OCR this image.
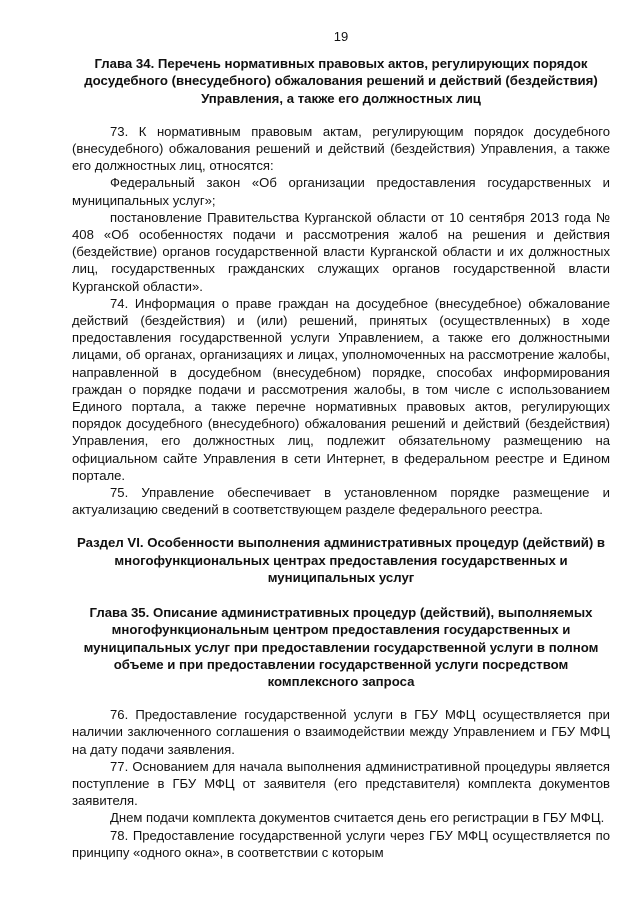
19
Глава 34. Перечень нормативных правовых актов, регулирующих порядок досудебного (внесудебного) обжалования решений и действий (бездействия) Управления, а также его должностных лиц

73. К нормативным правовым актам, регулирующим порядок досудебного (внесудебного) обжалования решений и действий (бездействия) Управления, а также его должностных лиц, относятся:

Федеральный закон «Об организации предоставления государственных и муниципальных услуг»;

постановление Правительства Курганской области от 10 сентября 2013 года № 408 «Об особенностях подачи и рассмотрения жалоб на решения и действия (бездействие) органов государственной власти Курганской области и их должностных лиц, государственных гражданских служащих органов государственной власти Курганской области».

74. Информация о праве граждан на досудебное (внесудебное) обжалование действий (бездействия) и (или) решений, принятых (осуществленных) в ходе предоставления государственной услуги Управлением, а также его должностными лицами, об органах, организациях и лицах, уполномоченных на рассмотрение жалобы, направленной в досудебном (внесудебном) порядке, способах информирования граждан о порядке подачи и рассмотрения жалобы, в том числе с использованием Единого портала, а также перечне нормативных правовых актов, регулирующих порядок досудебного (внесудебного) обжалования решений и действий (бездействия) Управления, его должностных лиц, подлежит обязательному размещению на официальном сайте Управления в сети Интернет, в федеральном реестре и Едином портале.

75. Управление обеспечивает в установленном порядке размещение и актуализацию сведений в соответствующем разделе федерального реестра.

Раздел VI. Особенности выполнения административных процедур (действий) в многофункциональных центрах предоставления государственных и муниципальных услуг
Глава 35. Описание административных процедур (действий), выполняемых многофункциональным центром предоставления государственных и муниципальных услуг при предоставлении государственной услуги в полном объеме и при предоставлении государственной услуги посредством комплексного запроса

76. Предоставление государственной услуги в ГБУ МФЦ осуществляется при наличии заключенного соглашения о взаимодействии между Управлением и ГБУ МФЦ на дату подачи заявления.

77. Основанием для начала выполнения административной процедуры является поступление в ГБУ МФЦ от заявителя (его представителя) комплекта документов заявителя.

Днем подачи комплекта документов считается день его регистрации в ГБУ МФЦ.

78. Предоставление государственной услуги через ГБУ МФЦ осуществляется по принципу «одного окна», в соответствии с которым
